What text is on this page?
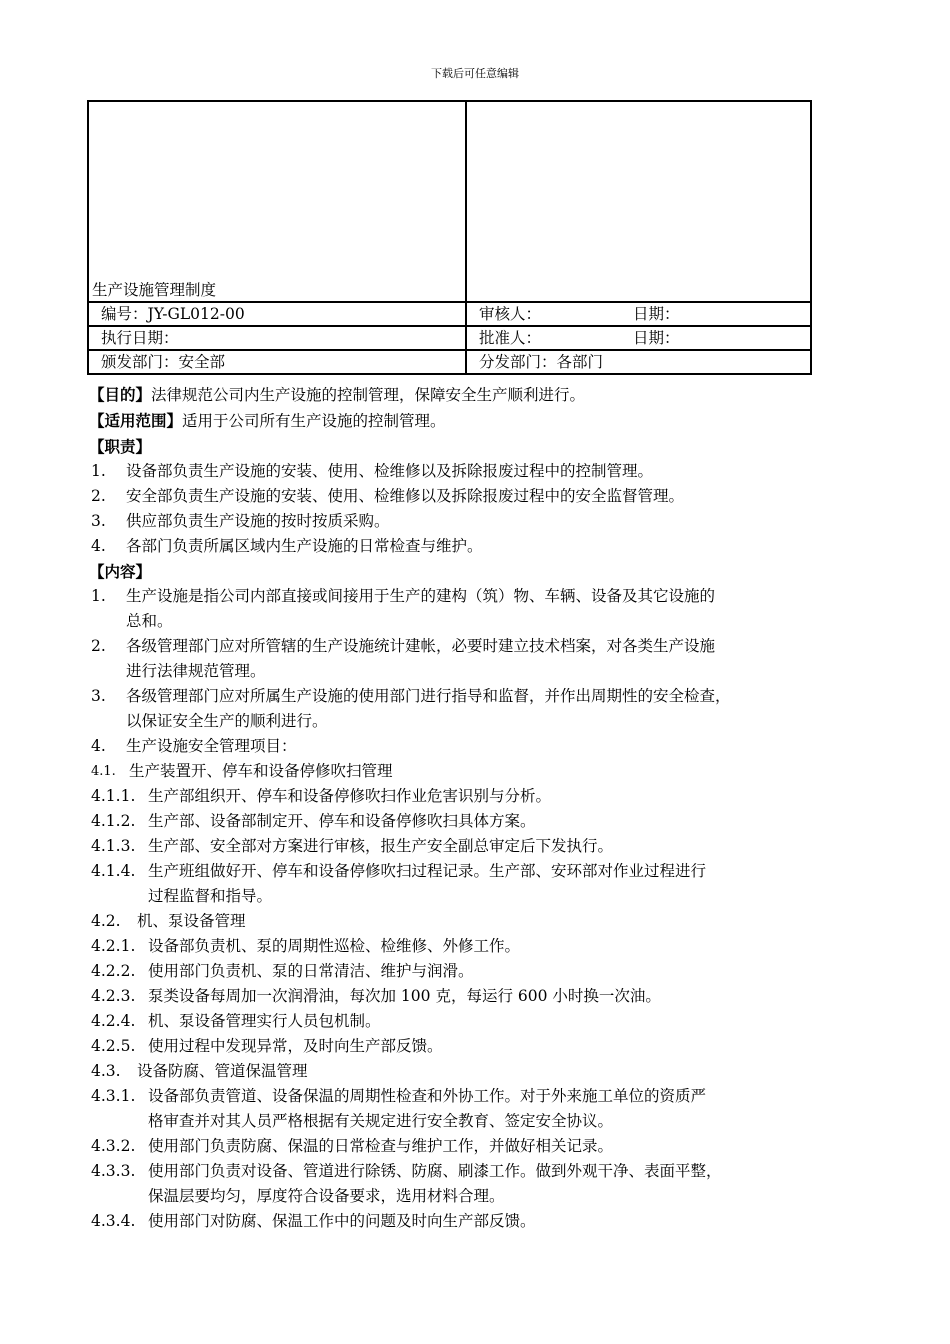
下载后可任意编辑
生产设施管理制度	
编号：JY-GL012-00	审核人： 日期：

执行日期：	批准人： 日期：

颁发部门：安全部	分发部门：各部门
【目的】法律规范公司内生产设施的控制管理，保障安全生产顺利进行。
【适用范围】适用于公司所有生产设施的控制管理。
【职责】
1.	设备部负责生产设施的安装、使用、检维修以及拆除报废过程中的控制管理。
2.	安全部负责生产设施的安装、使用、检维修以及拆除报废过程中的安全监督管理。
3.	供应部负责生产设施的按时按质采购。
4.	各部门负责所属区域内生产设施的日常检查与维护。
【内容】
1.	生产设施是指公司内部直接或间接用于生产的建构（筑）物、车辆、设备及其它设施的
总和。
2.	各级管理部门应对所管辖的生产设施统计建帐，必要时建立技术档案，对各类生产设施
进行法律规范管理。
3.	各级管理部门应对所属生产设施的使用部门进行指导和监督，并作出周期性的安全检查，
以保证安全生产的顺利进行。
4.	生产设施安全管理项目：
4.1. 生产装置开、停车和设备停修吹扫管理
4.1.1. 生产部组织开、停车和设备停修吹扫作业危害识别与分析。
4.1.2. 生产部、设备部制定开、停车和设备停修吹扫具体方案。
4.1.3. 生产部、安全部对方案进行审核，报生产安全副总审定后下发执行。
4.1.4. 生产班组做好开、停车和设备停修吹扫过程记录。生产部、安环部对作业过程进行
过程监督和指导。
4.2.	机、泵设备管理
4.2.1. 设备部负责机、泵的周期性巡检、检维修、外修工作。
4.2.2. 使用部门负责机、泵的日常清洁、维护与润滑。
4.2.3. 泵类设备每周加一次润滑油，每次加 100 克，每运行 600 小时换一次油。
4.2.4. 机、泵设备管理实行人员包机制。
4.2.5. 使用过程中发现异常，及时向生产部反馈。
4.3.	设备防腐、管道保温管理
4.3.1. 设备部负责管道、设备保温的周期性检查和外协工作。对于外来施工单位的资质严
格审查并对其人员严格根据有关规定进行安全教育、签定安全协议。
4.3.2. 使用部门负责防腐、保温的日常检查与维护工作，并做好相关记录。
4.3.3. 使用部门负责对设备、管道进行除锈、防腐、刷漆工作。做到外观干净、表面平整，
保温层要均匀，厚度符合设备要求，选用材料合理。
4.3.4. 使用部门对防腐、保温工作中的问题及时向生产部反馈。
